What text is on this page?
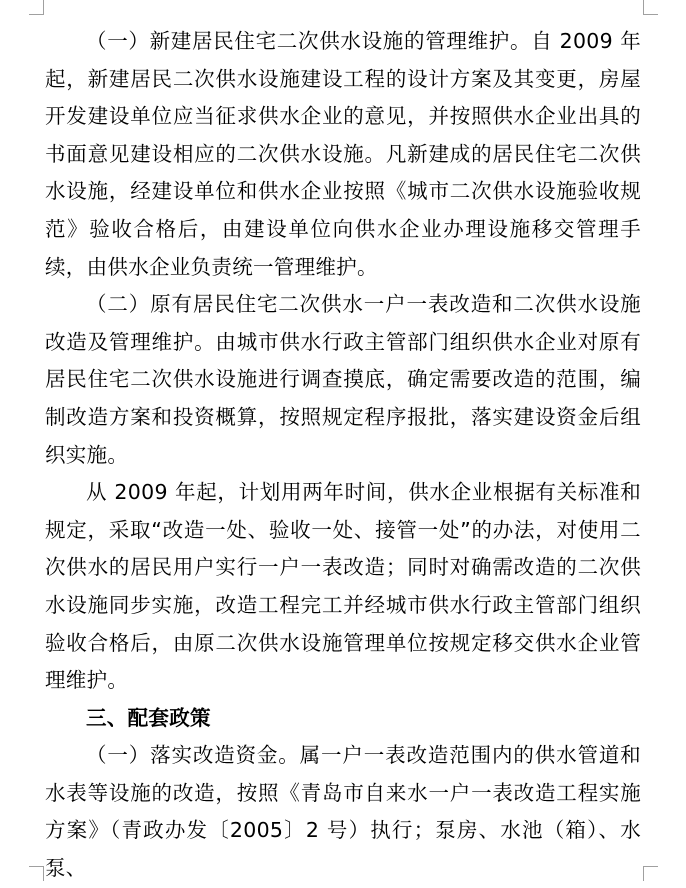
（一）新建居民住宅二次供水设施的管理维护。自 2009 年起，新建居民二次供水设施建设工程的设计方案及其变更，房屋开发建设单位应当征求供水企业的意见，并按照供水企业出具的书面意见建设相应的二次供水设施。凡新建成的居民住宅二次供水设施，经建设单位和供水企业按照《城市二次供水设施验收规范》验收合格后，由建设单位向供水企业办理设施移交管理手续，由供水企业负责统一管理维护。

（二）原有居民住宅二次供水一户一表改造和二次供水设施改造及管理维护。由城市供水行政主管部门组织供水企业对原有居民住宅二次供水设施进行调查摸底，确定需要改造的范围，编制改造方案和投资概算，按照规定程序报批，落实建设资金后组织实施。

从 2009 年起，计划用两年时间，供水企业根据有关标准和规定，采取“改造一处、验收一处、接管一处”的办法，对使用二次供水的居民用户实行一户一表改造；同时对确需改造的二次供水设施同步实施，改造工程完工并经城市供水行政主管部门组织验收合格后，由原二次供水设施管理单位按规定移交供水企业管理维护。

三、配套政策

（一）落实改造资金。属一户一表改造范围内的供水管道和水表等设施的改造，按照《青岛市自来水一户一表改造工程实施方案》（青政办发〔2005〕2 号）执行；泵房、水池（箱）、水泵、
